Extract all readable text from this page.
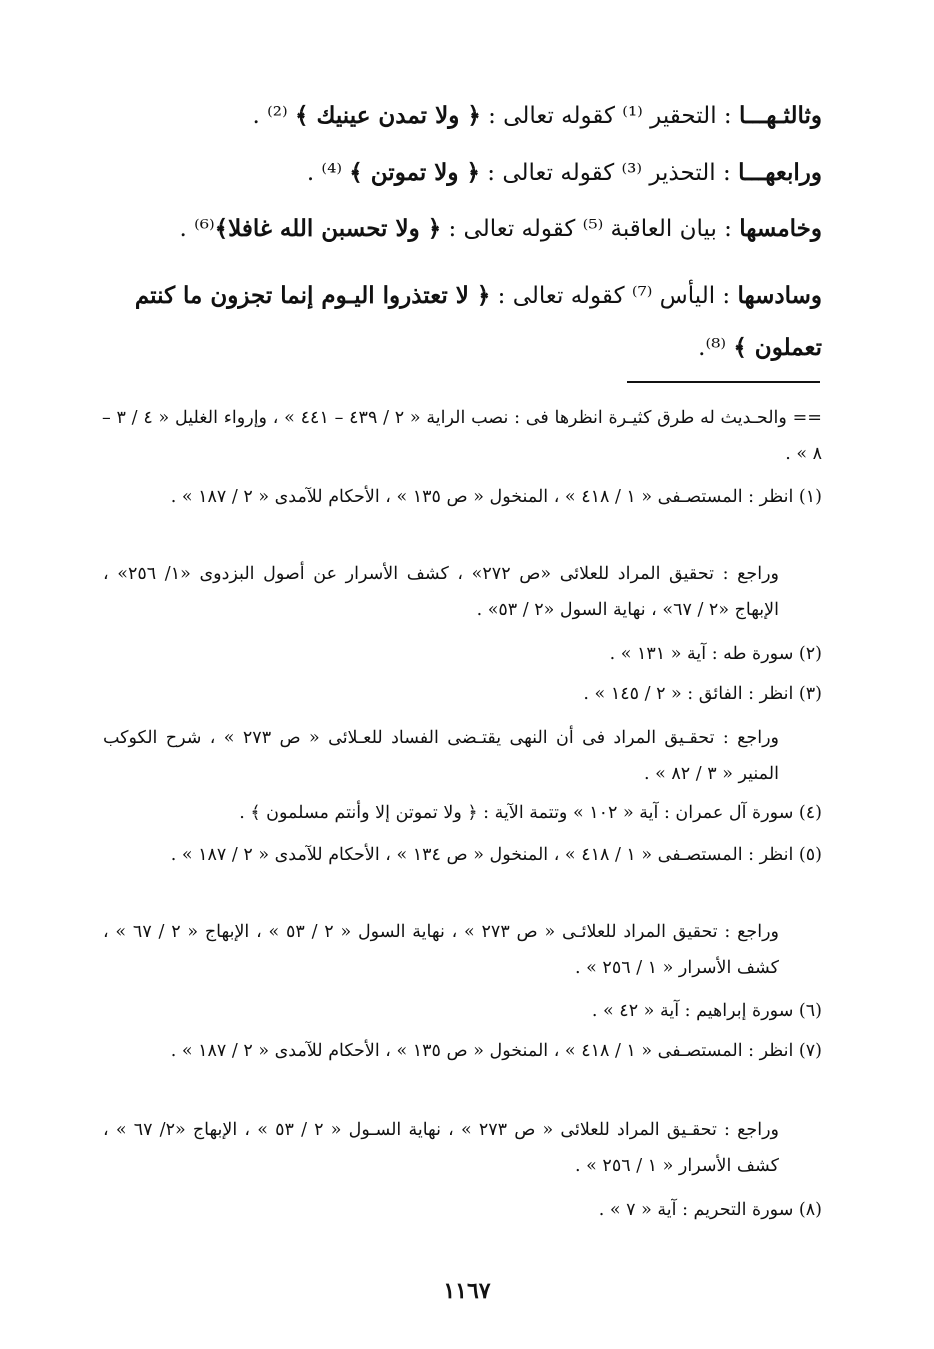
وثالثـهـــا : التحقير ⁽¹⁾ كقوله تعالى : ﴿ ولا تمدن عينيك ﴾ ⁽²⁾ .
ورابعهـــا : التحذير ⁽³⁾ كقوله تعالى : ﴿ ولا تموتن ﴾ ⁽⁴⁾ .
وخامسها : بيان العاقبة ⁽⁵⁾ كقوله تعالى : ﴿ ولا تحسبن الله غافلا﴾⁽⁶⁾ .
وسادسها : اليأس ⁽⁷⁾ كقوله تعالى : ﴿ لا تعتذروا اليـوم إنما تجزون ما كنتم
تعملون ﴾ ⁽⁸⁾.
== والحـديث له طرق كثيـرة انظرها فى : نصب الراية « ٢ / ٤٣٩ – ٤٤١ » ، وإرواء الغليل « ٤ / ٣ – ٨ » .
(١) انظر : المستصـفى « ١ / ٤١٨ » ، المنخول « ص ١٣٥ » ، الأحكام للآمدى « ٢ / ١٨٧ » .
وراجع : تحقيق المراد للعلائى «ص ٢٧٢» ، كشف الأسرار عن أصول البزدوى «١/ ٢٥٦» ، الإبهاج «٢ / ٦٧» ، نهاية السول «٢ / ٥٣» .
(٢) سورة طه : آية « ١٣١ » .
(٣) انظر : الفائق : « ٢ / ١٤٥ » .
وراجع : تحقـيق المراد فى أن النهى يقتـضى الفساد للعـلائى « ص ٢٧٣ » ، شرح الكوكب المنير « ٣ / ٨٢ » .
(٤) سورة آل عمران : آية « ١٠٢ » وتتمة الآية : ﴿ ولا تموتن إلا وأنتم مسلمون ﴾ .
(٥) انظر : المستصـفى « ١ / ٤١٨ » ، المنخول « ص ١٣٤ » ، الأحكام للآمدى « ٢ / ١٨٧ » .
وراجع : تحقيق المراد للعلائـى « ص ٢٧٣ » ، نهاية السول « ٢ / ٥٣ » ، الإبهاج « ٢ / ٦٧ » ، كشف الأسرار « ١ / ٢٥٦ » .
(٦) سورة إبراهيم : آية « ٤٢ » .
(٧) انظر : المستصـفى « ١ / ٤١٨ » ، المنخول « ص ١٣٥ » ، الأحكام للآمدى « ٢ / ١٨٧ » .
وراجع : تحقـيق المراد للعلائى « ص ٢٧٣ » ، نهاية السـول « ٢ / ٥٣ » ، الإبهاج «٢/ ٦٧ » ، كشف الأسرار « ١ / ٢٥٦ » .
(٨) سورة التحريم : آية « ٧ » .
١١٦٧
